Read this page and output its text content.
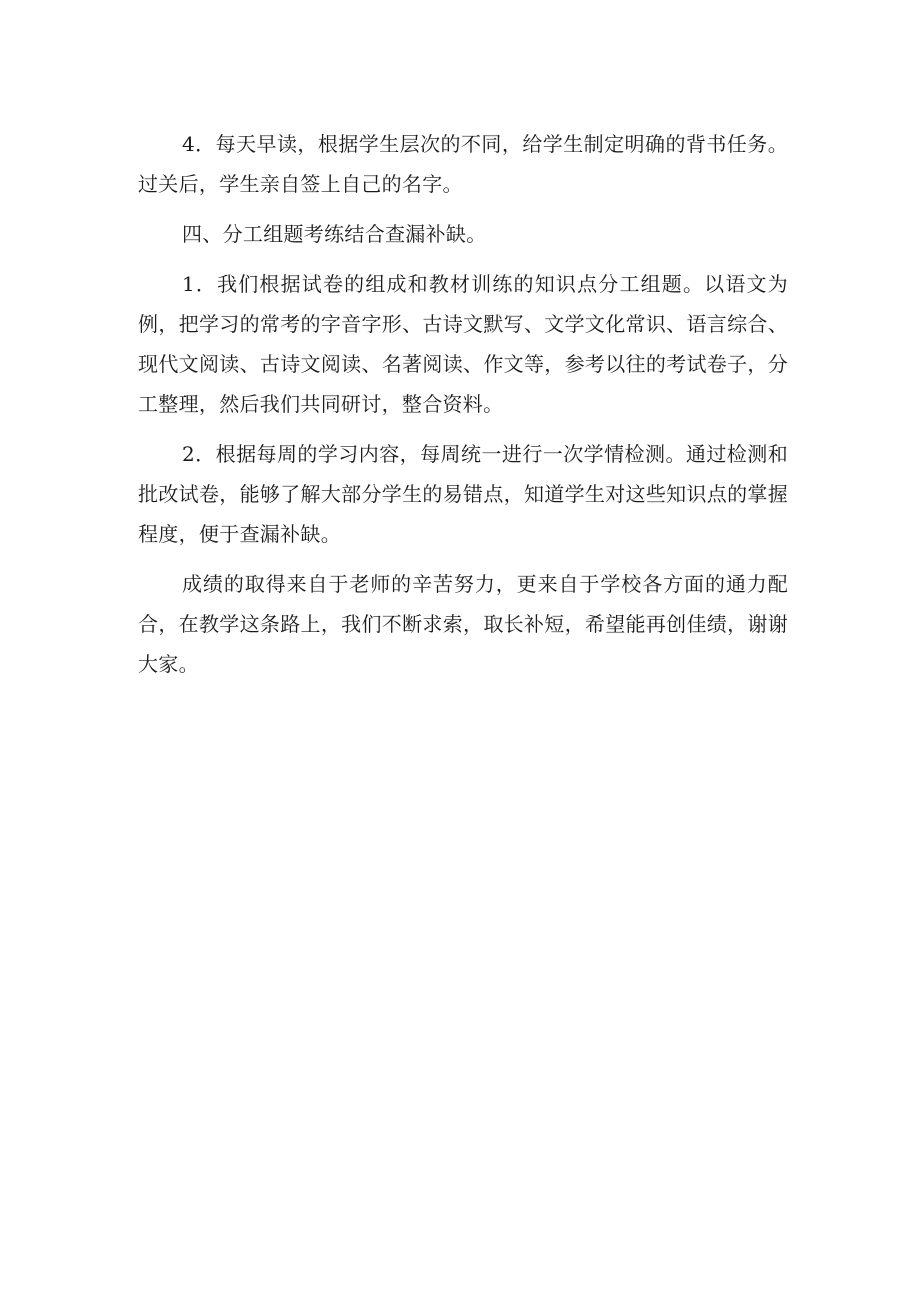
4．每天早读，根据学生层次的不同，给学生制定明确的背书任务。过关后，学生亲自签上自己的名字。

四、分工组题考练结合查漏补缺。

1．我们根据试卷的组成和教材训练的知识点分工组题。以语文为例，把学习的常考的字音字形、古诗文默写、文学文化常识、语言综合、现代文阅读、古诗文阅读、名著阅读、作文等，参考以往的考试卷子，分工整理，然后我们共同研讨，整合资料。

2．根据每周的学习内容，每周统一进行一次学情检测。通过检测和批改试卷，能够了解大部分学生的易错点，知道学生对这些知识点的掌握程度，便于查漏补缺。

成绩的取得来自于老师的辛苦努力，更来自于学校各方面的通力配合，在教学这条路上，我们不断求索，取长补短，希望能再创佳绩，谢谢大家。
